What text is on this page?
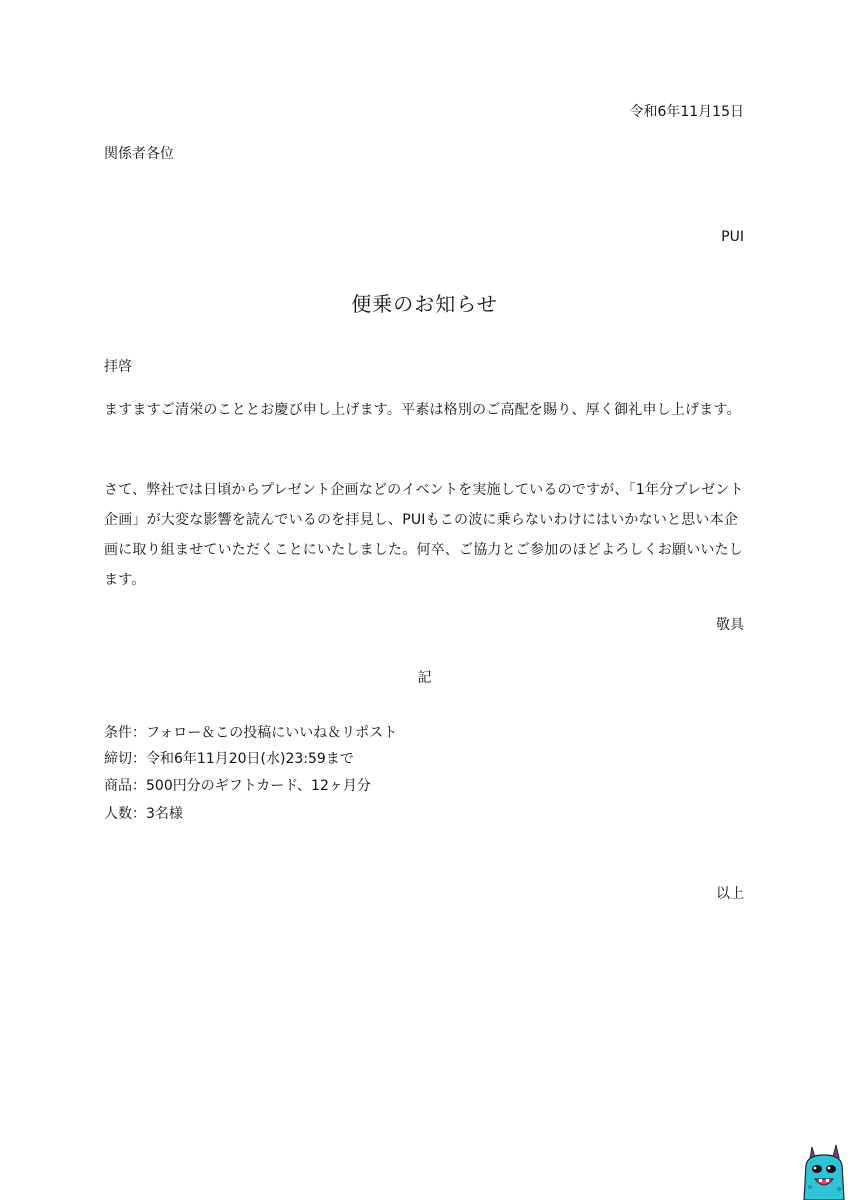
令和6年11月15日
関係者各位
PUI
便乗のお知らせ
拝啓
ますますご清栄のこととお慶び申し上げます。平素は格別のご高配を賜り、厚く御礼申し上げます。
さて、弊社では日頃からプレゼント企画などのイベントを実施しているのですが、「1年分プレゼント企画」が大変な影響を読んでいるのを拝見し、PUIもこの波に乗らないわけにはいかないと思い本企画に取り組ませていただくことにいたしました。何卒、ご協力とご参加のほどよろしくお願いいたします。
敬具
記
条件：フォロー＆この投稿にいいね＆リポスト
締切：令和6年11月20日(水)23:59まで
商品：500円分のギフトカード、12ヶ月分
人数：3名様
以上
